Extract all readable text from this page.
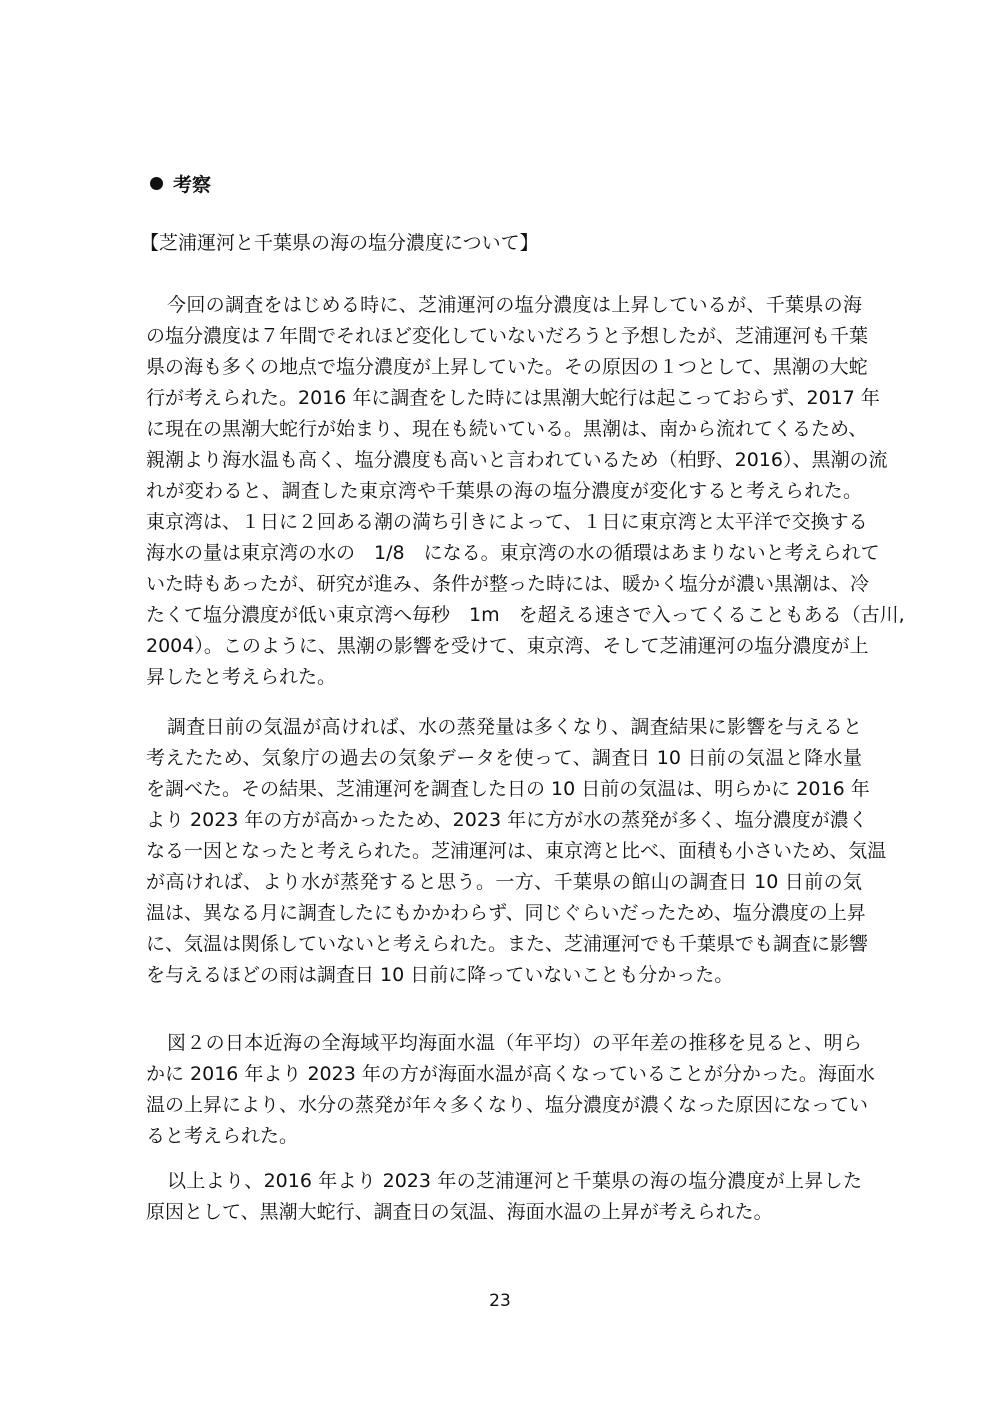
考察
【芝浦運河と千葉県の海の塩分濃度について】
今回の調査をはじめる時に、芝浦運河の塩分濃度は上昇しているが、千葉県の海
の塩分濃度は７年間でそれほど変化していないだろうと予想したが、芝浦運河も千葉
県の海も多くの地点で塩分濃度が上昇していた。その原因の１つとして、黒潮の大蛇
行が考えられた。2016 年に調査をした時には黒潮大蛇行は起こっておらず、2017 年
に現在の黒潮大蛇行が始まり、現在も続いている。黒潮は、南から流れてくるため、
親潮より海水温も高く、塩分濃度も高いと言われているため（柏野、2016）、黒潮の流
れが変わると、調査した東京湾や千葉県の海の塩分濃度が変化すると考えられた。
東京湾は、１日に２回ある潮の満ち引きによって、１日に東京湾と太平洋で交換する
海水の量は東京湾の水の　1/8　になる。東京湾の水の循環はあまりないと考えられて
いた時もあったが、研究が進み、条件が整った時には、暖かく塩分が濃い黒潮は、冷
たくて塩分濃度が低い東京湾へ毎秒　1m　を超える速さで入ってくることもある（古川,
2004）。このように、黒潮の影響を受けて、東京湾、そして芝浦運河の塩分濃度が上
昇したと考えられた。
調査日前の気温が高ければ、水の蒸発量は多くなり、調査結果に影響を与えると
考えたため、気象庁の過去の気象データを使って、調査日 10 日前の気温と降水量
を調べた。その結果、芝浦運河を調査した日の 10 日前の気温は、明らかに 2016 年
より 2023 年の方が高かったため、2023 年に方が水の蒸発が多く、塩分濃度が濃く
なる一因となったと考えられた。芝浦運河は、東京湾と比べ、面積も小さいため、気温
が高ければ、より水が蒸発すると思う。一方、千葉県の館山の調査日 10 日前の気
温は、異なる月に調査したにもかかわらず、同じぐらいだったため、塩分濃度の上昇
に、気温は関係していないと考えられた。また、芝浦運河でも千葉県でも調査に影響
を与えるほどの雨は調査日 10 日前に降っていないことも分かった。
図２の日本近海の全海域平均海面水温（年平均）の平年差の推移を見ると、明ら
かに 2016 年より 2023 年の方が海面水温が高くなっていることが分かった。海面水
温の上昇により、水分の蒸発が年々多くなり、塩分濃度が濃くなった原因になってい
ると考えられた。
以上より、2016 年より 2023 年の芝浦運河と千葉県の海の塩分濃度が上昇した
原因として、黒潮大蛇行、調査日の気温、海面水温の上昇が考えられた。
23
